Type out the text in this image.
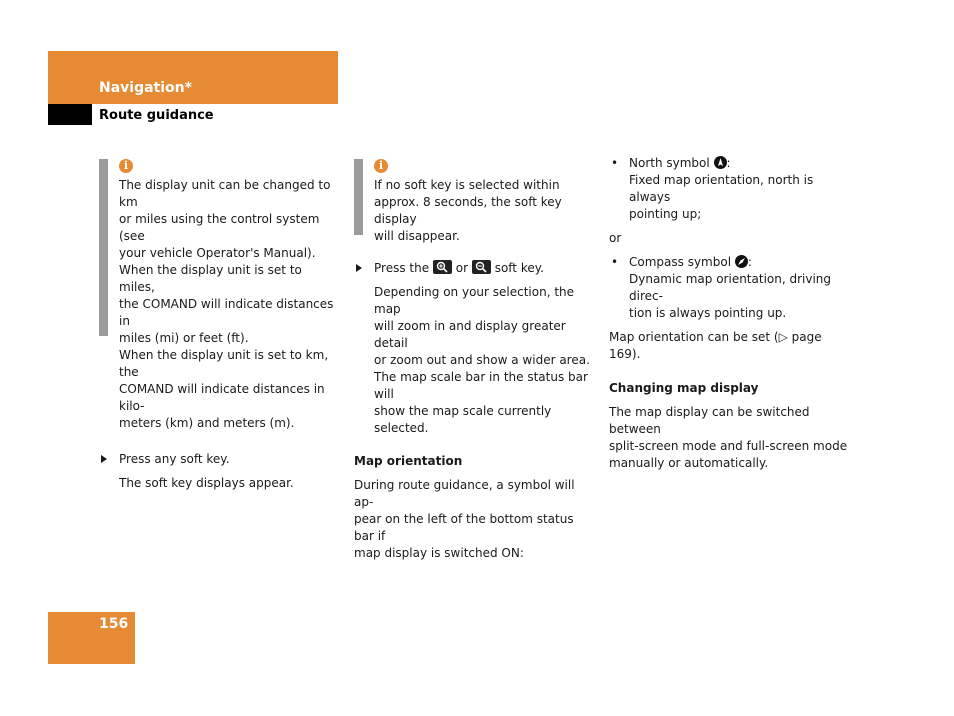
Navigation*
Route guidance
i

The display unit can be changed to km

or miles using the control system (see

your vehicle Operator's Manual).

When the display unit is set to miles,

the COMAND will indicate distances in

miles (mi) or feet (ft).

When the display unit is set to km, the

COMAND will indicate distances in kilo-

meters (km) and meters (m).

Press any soft key.

The soft key displays appear.

i

If no soft key is selected within

approx. 8 seconds, the soft key display

will disappear.

Press the or soft key.

Depending on your selection, the map

will zoom in and display greater detail

or zoom out and show a wider area.

The map scale bar in the status bar will

show the map scale currently selected.

Map orientation

During route guidance, a symbol will ap-

pear on the left of the bottom status bar if

map display is switched ON:

• North symbol :

Fixed map orientation, north is always

pointing up;

or

• Compass symbol :

Dynamic map orientation, driving direc-

tion is always pointing up.

Map orientation can be set (▷ page 169).

Changing map display

The map display can be switched between

split-screen mode and full-screen mode

manually or automatically.

156
